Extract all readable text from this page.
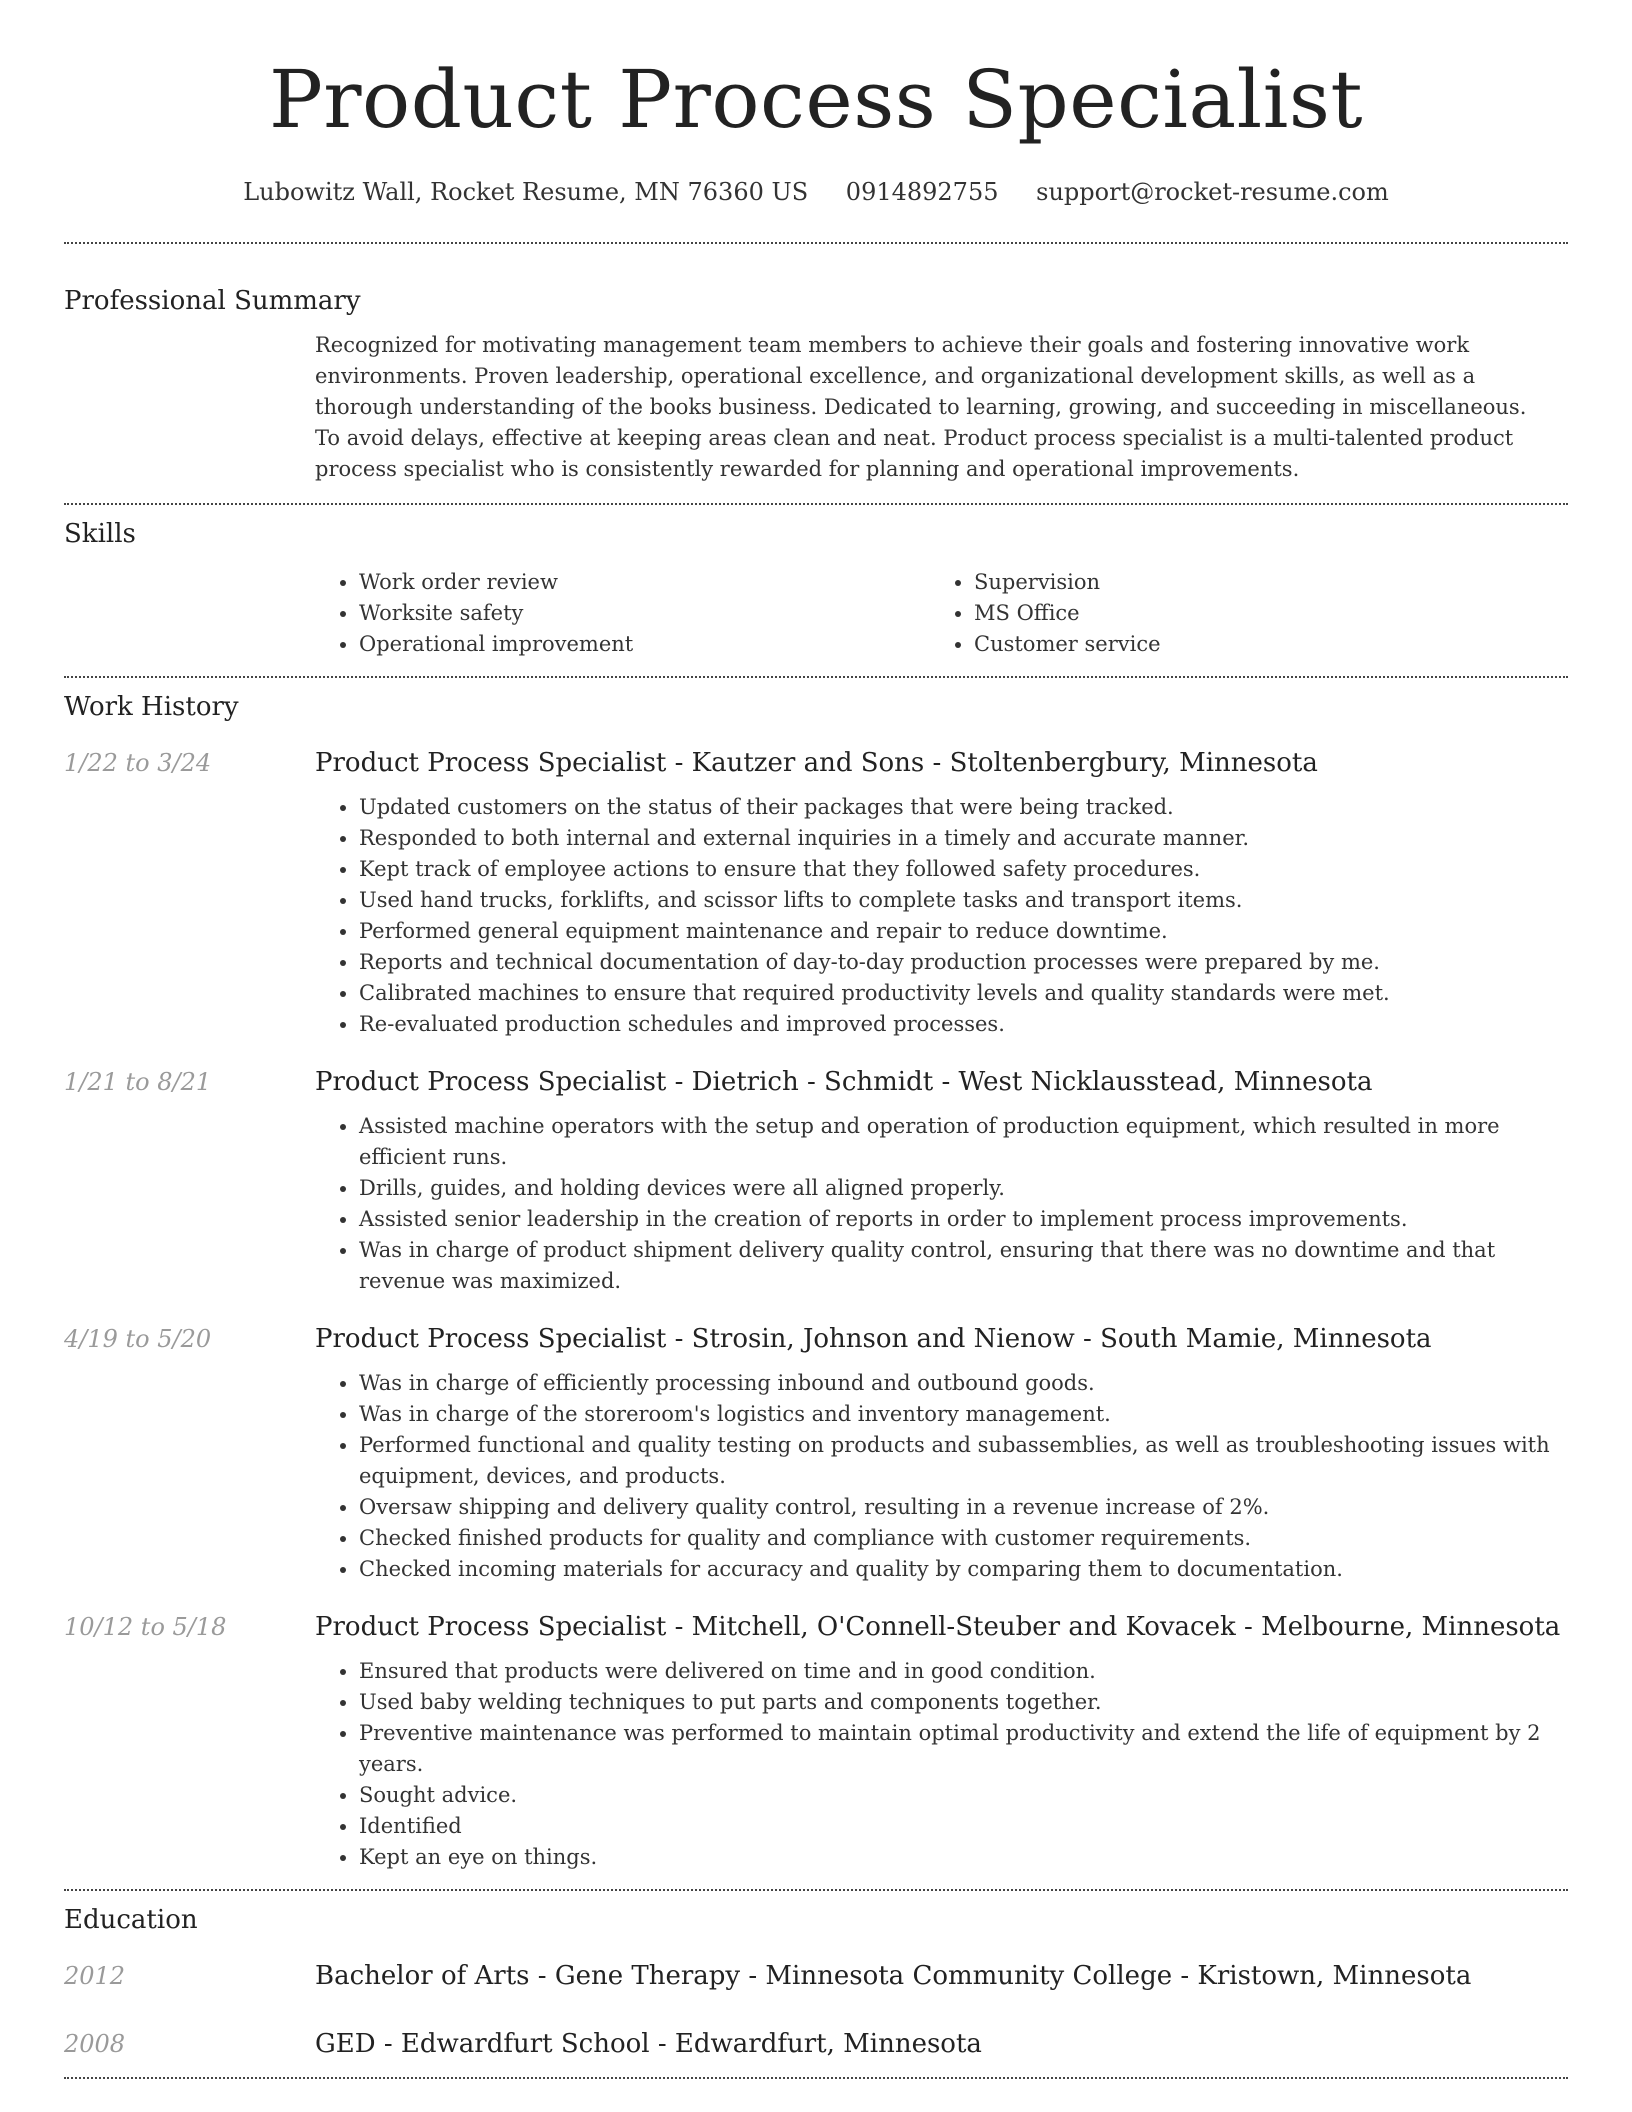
Product Process Specialist
Lubowitz Wall, Rocket Resume, MN 76360 US 0914892755 support@rocket-resume.com
Professional Summary

Recognized for motivating management team members to achieve their goals and fostering innovative work environments. Proven leadership, operational excellence, and organizational development skills, as well as a thorough understanding of the books business. Dedicated to learning, growing, and succeeding in miscellaneous. To avoid delays, effective at keeping areas clean and neat. Product process specialist is a multi-talented product process specialist who is consistently rewarded for planning and operational improvements.

Skills
• Work order review
• Worksite safety
• Operational improvement
• Supervision
• MS Office
• Customer service
Work History
1/22 to 3/24	Product Process Specialist - Kautzer and Sons - Stoltenbergbury, Minnesota
• Updated customers on the status of their packages that were being tracked.
• Responded to both internal and external inquiries in a timely and accurate manner.
• Kept track of employee actions to ensure that they followed safety procedures.
• Used hand trucks, forklifts, and scissor lifts to complete tasks and transport items.
• Performed general equipment maintenance and repair to reduce downtime.
• Reports and technical documentation of day-to-day production processes were prepared by me.
• Calibrated machines to ensure that required productivity levels and quality standards were met.
• Re-evaluated production schedules and improved processes.
1/21 to 8/21	Product Process Specialist - Dietrich - Schmidt - West Nicklausstead, Minnesota
• Assisted machine operators with the setup and operation of production equipment, which resulted in more efficient runs.
• Drills, guides, and holding devices were all aligned properly.
• Assisted senior leadership in the creation of reports in order to implement process improvements.
• Was in charge of product shipment delivery quality control, ensuring that there was no downtime and that revenue was maximized.
4/19 to 5/20	Product Process Specialist - Strosin, Johnson and Nienow - South Mamie, Minnesota
• Was in charge of efficiently processing inbound and outbound goods.
• Was in charge of the storeroom's logistics and inventory management.
• Performed functional and quality testing on products and subassemblies, as well as troubleshooting issues with equipment, devices, and products.
• Oversaw shipping and delivery quality control, resulting in a revenue increase of 2%.
• Checked finished products for quality and compliance with customer requirements.
• Checked incoming materials for accuracy and quality by comparing them to documentation.
10/12 to 5/18	Product Process Specialist - Mitchell, O'Connell-Steuber and Kovacek - Melbourne, Minnesota
• Ensured that products were delivered on time and in good condition.
• Used baby welding techniques to put parts and components together.
• Preventive maintenance was performed to maintain optimal productivity and extend the life of equipment by 2 years.
• Sought advice.
• Identified
• Kept an eye on things.
Education
2012	Bachelor of Arts - Gene Therapy - Minnesota Community College - Kristown, Minnesota
2008	GED - Edwardfurt School - Edwardfurt, Minnesota
